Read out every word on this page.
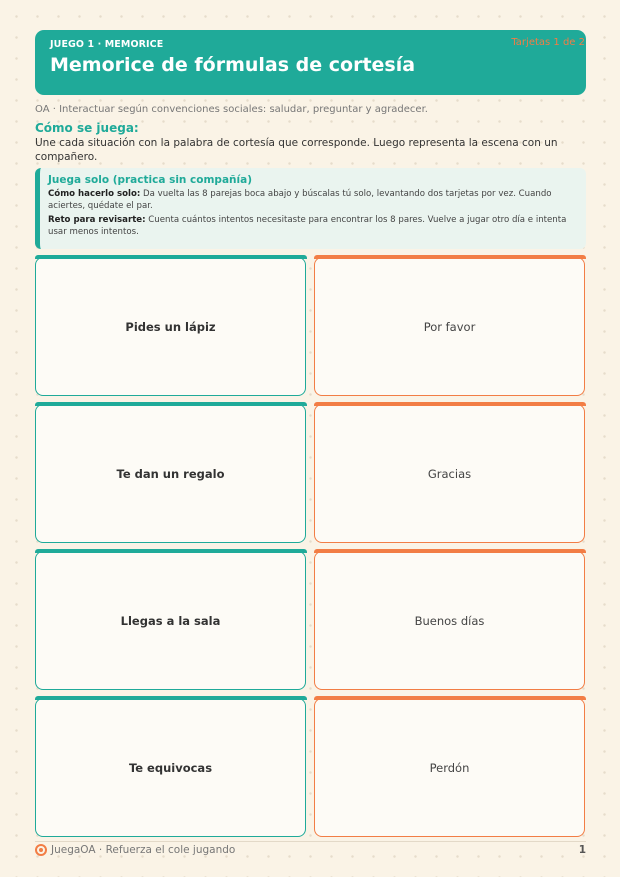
JUEGO 1 · MEMORICE
Memorice de fórmulas de cortesía
Tarjetas 1 de 2
OA · Interactuar según convenciones sociales: saludar, preguntar y agradecer.
Cómo se juega:
Une cada situación con la palabra de cortesía que corresponde. Luego representa la escena con un compañero.
Juega solo (practica sin compañía)
Cómo hacerlo solo: Da vuelta las 8 parejas boca abajo y búscalas tú solo, levantando dos tarjetas por vez. Cuando aciertes, quédate el par.
Reto para revisarte: Cuenta cuántos intentos necesitaste para encontrar los 8 pares. Vuelve a jugar otro día e intenta usar menos intentos.
Pides un lápiz	Por favor
Te dan un regalo	Gracias
Llegas a la sala	Buenos días
Te equivocas	Perdón
JuegaOA · Refuerza el cole jugando	1
